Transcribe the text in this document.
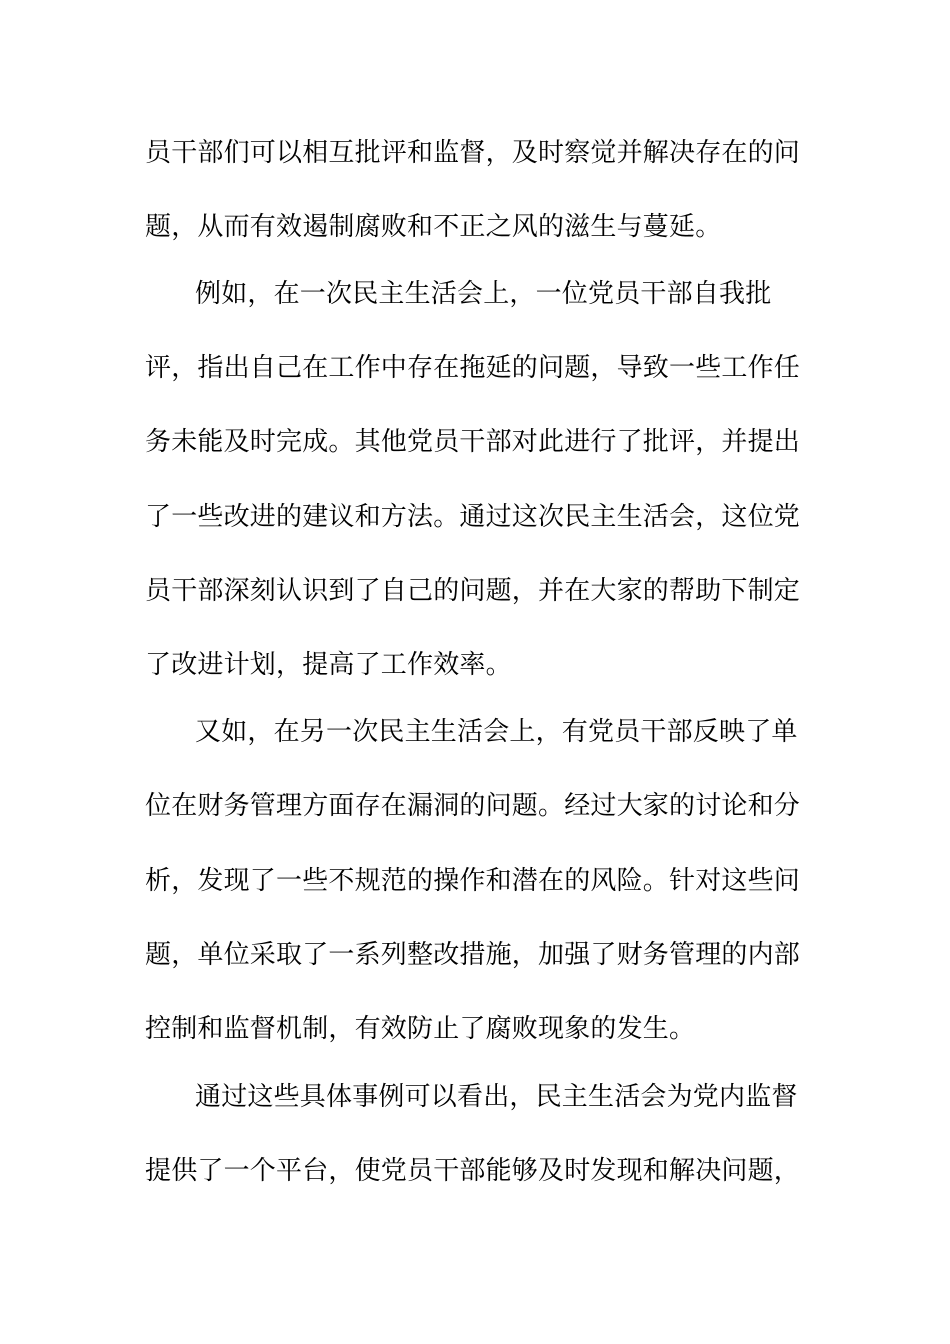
员干部们可以相互批评和监督，及时察觉并解决存在的问
题，从而有效遏制腐败和不正之风的滋生与蔓延。
例如，在一次民主生活会上，一位党员干部自我批
评，指出自己在工作中存在拖延的问题，导致一些工作任
务未能及时完成。其他党员干部对此进行了批评，并提出
了一些改进的建议和方法。通过这次民主生活会，这位党
员干部深刻认识到了自己的问题，并在大家的帮助下制定
了改进计划，提高了工作效率。
又如，在另一次民主生活会上，有党员干部反映了单
位在财务管理方面存在漏洞的问题。经过大家的讨论和分
析，发现了一些不规范的操作和潜在的风险。针对这些问
题，单位采取了一系列整改措施，加强了财务管理的内部
控制和监督机制，有效防止了腐败现象的发生。
通过这些具体事例可以看出，民主生活会为党内监督
提供了一个平台，使党员干部能够及时发现和解决问题，
